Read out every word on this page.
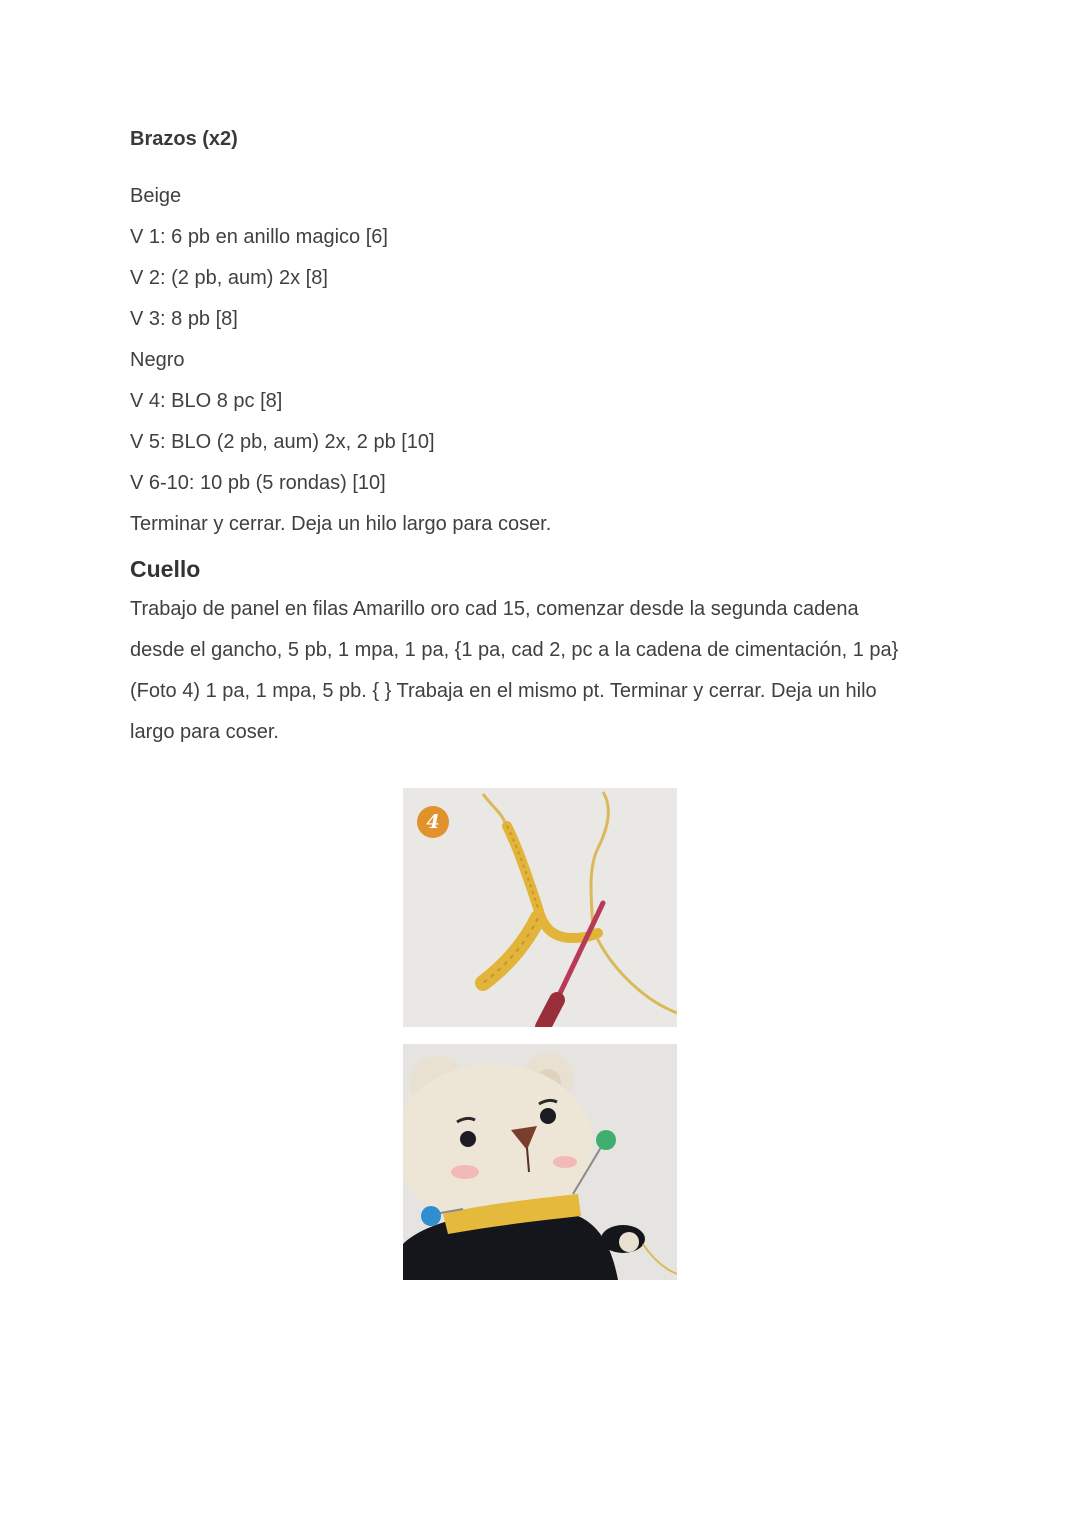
Brazos (x2)

Beige

V 1: 6 pb en anillo magico [6]

V 2: (2 pb, aum) 2x [8]

V 3: 8 pb [8]

Negro

V 4: BLO 8 pc [8]

V 5: BLO (2 pb, aum) 2x, 2 pb [10]

V 6-10: 10 pb (5 rondas) [10]

Terminar y cerrar. Deja un hilo largo para coser.

Cuello

Trabajo de panel en filas Amarillo oro cad 15, comenzar desde la segunda cadena

desde el gancho, 5 pb, 1 mpa, 1 pa, {1 pa, cad 2, pc a la cadena de cimentación, 1 pa}

(Foto 4) 1 pa, 1 mpa, 5 pb. { } Trabaja en el mismo pt. Terminar y cerrar. Deja un hilo

largo para coser.

4
